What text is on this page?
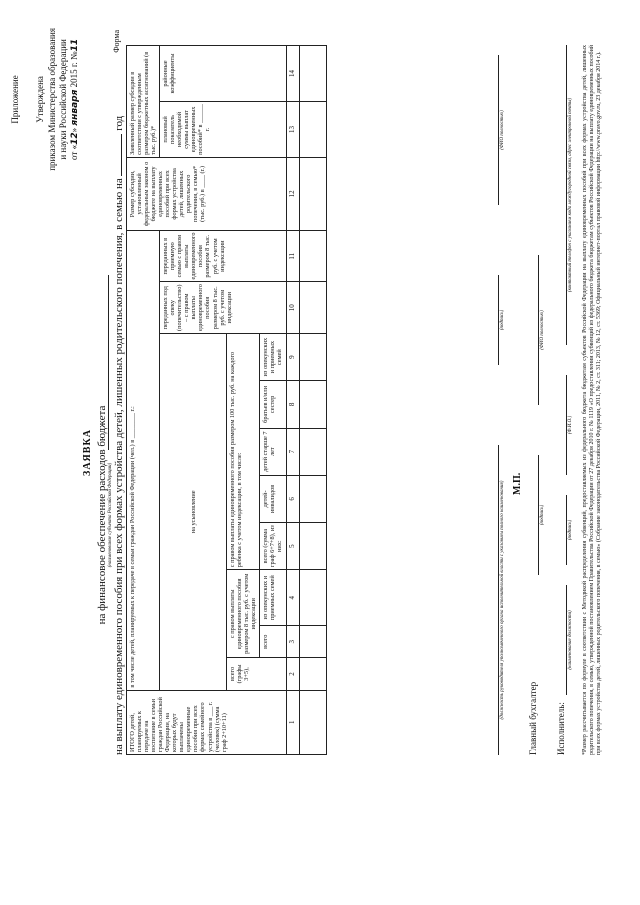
Приложение Утверждена приказом Министерства образования и науки Российской Федерации от «12» января 2015 г. №11	Форма
ЗАЯВКА на финансовое обеспечение расходов бюджета (наименование субъекта Российской Федерации) на выплату единовременного пособия при всех формах устройства детей, лишенных родительского попечения, в семью на  год
ИТОГО детей, планируемых к передаче на воспитание в семьи граждан Российской Федерации, на которых будут выплачены единовременные пособия при всех формах семейного устройства в ___ г. (человек) (сумма граф 2+10+11)	в том числе детей, планируемых к передаче в семьи граждан Российской Федерации (чел.) в ________ г.:										Размер субсидии, установленный федеральным законом о бюджете на выплату единовременных пособий при всех формах устройства детей, лишенных родительского попечения, в семью* (тыс. руб.) в ____ (г.)	Заявленный размер субсидии в соответствии с утвержденным размером бюджетных ассигнований (в тыс. руб.)*	
	на усыновление								переданных под опеку (попечительство) – с правом выплаты единовременного пособия размером 8 тыс. руб. с учетом индексации	переданных в приемную семью с правом выплаты единовременного пособия размером 8 тыс. руб. с учетом индексации		плановый показатель необходимой суммы выплат единовременных пособий* в ______ г.	районные коэффициенты
	всего (графы 3+5),	с правом выплаты единовременного пособия размером 8 тыс. руб. с учетом индексации		с правом выплаты единовременного пособия размером 100 тыс. руб. на каждого ребенка с учетом индексации, в том числе:									
		всего	из опекунских и приемных семей	всего (сумма граф 6+7+8), из них:	детей-инвалидов	детей старше 7 лет	братьев и/или сестер	из опекунских и приемных семей					
1	2	3	4	5	6	7	8	9	10	11	12	13	14

(должность руководителя уполномоченного органа исполнительной власти с указанием полного наименования)
(подпись)
(ФИО полностью)
М.П.
Главный бухгалтер
(подпись)
(ФИО полностью)
Исполнитель:
(наименование должности)
(подпись)
(Ф.И.О.)
(контактный телефон с указанием кода междугородной связи, адрес электронной почты) *Размер рассчитывается по формуле в соответствии с Методикой распределения субвенций, предоставляемых из федерального бюджета бюджетам субъектов Российской Федерации на выплату единовременных пособий при всех формах устройства детей, лишенных родительского попечения, в семью, утвержденной постановлением Правительства Российской Федерации от 27 декабря 2010 г. № 1119 «О предоставлении субвенций из федерального бюджета бюджетам субъектов Российской Федерации на выплату единовременных пособий при всех формах устройства детей, лишенных родительского попечения, в семью» (Собрание законодательства Российской Федерации, 2011, № 2, ст. 311; 2013, № 12, ст. 5369; Официальный интернет-портал правовой информации http://www.pravo.gov.ru, 23 декабря 2014 г.).
